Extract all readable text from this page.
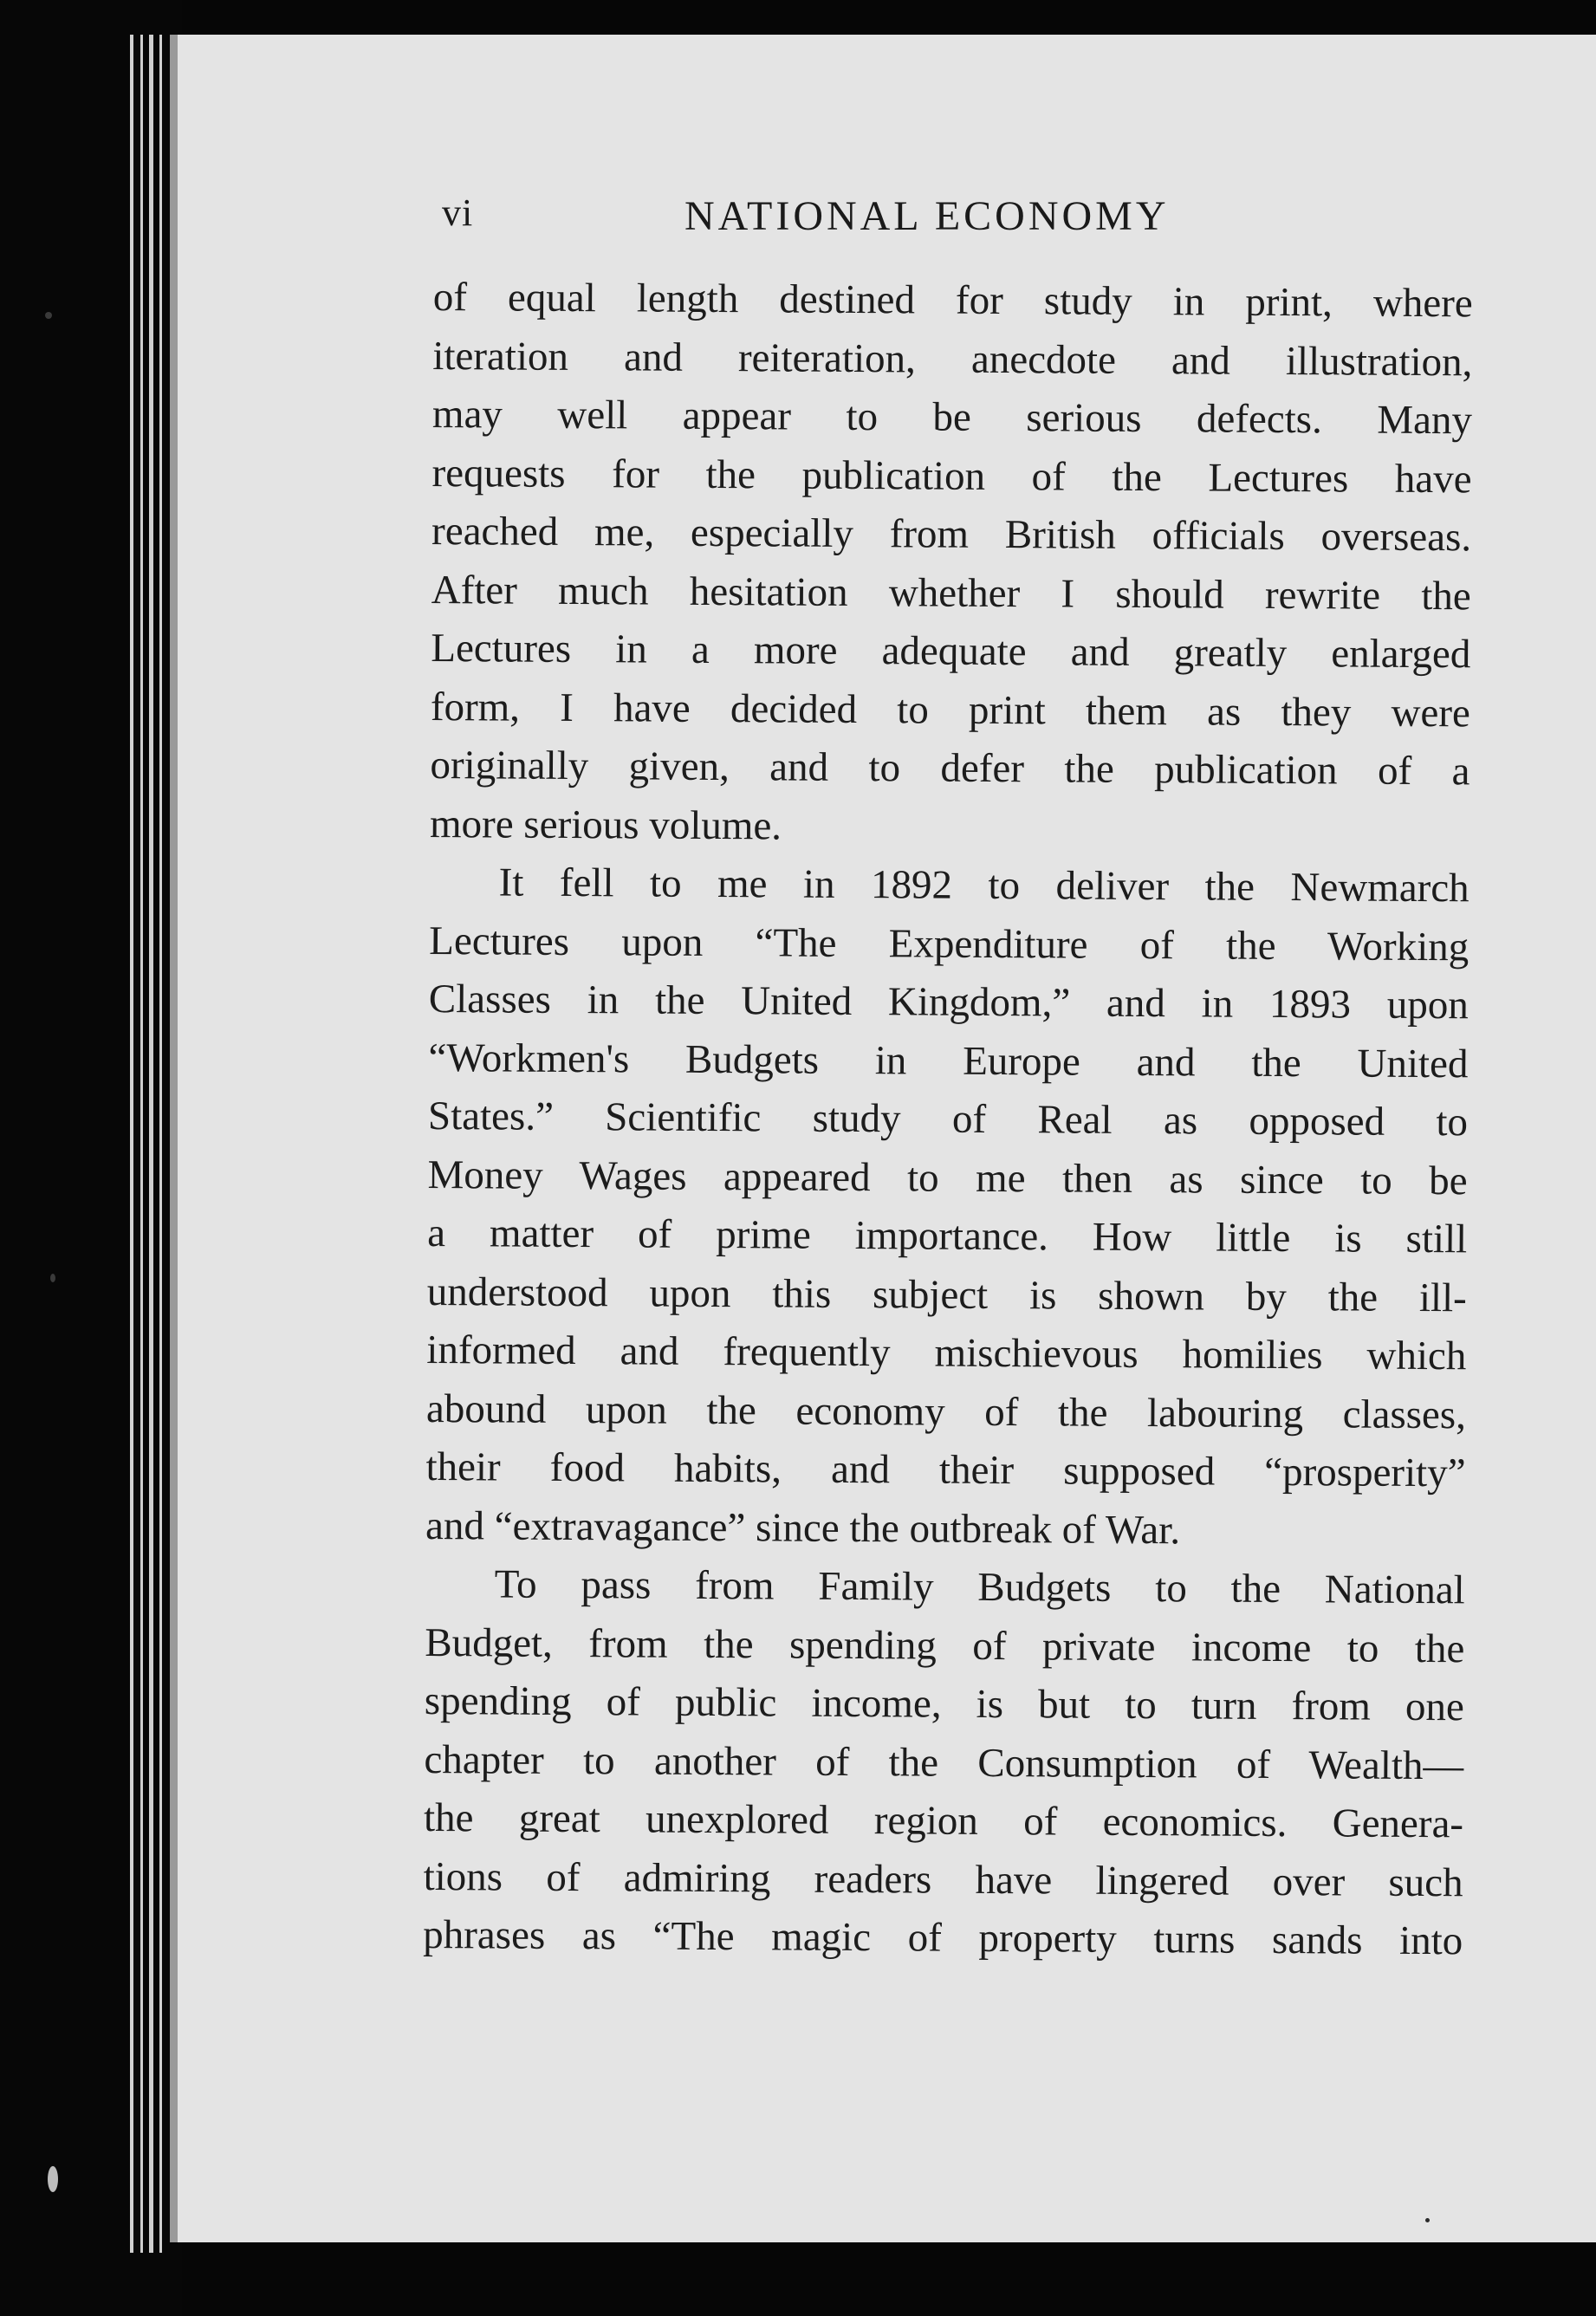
vi	NATIONAL ECONOMY
of equal length destined for study in print, where
iteration and reiteration, anecdote and illustration,
may well appear to be serious defects. Many
requests for the publication of the Lectures have
reached me, especially from British officials overseas.
After much hesitation whether I should rewrite the
Lectures in a more adequate and greatly enlarged
form, I have decided to print them as they were
originally given, and to defer the publication of a
more serious volume.
It fell to me in 1892 to deliver the Newmarch
Lectures upon “The Expenditure of the Working
Classes in the United Kingdom,” and in 1893 upon
“Workmen's Budgets in Europe and the United
States.” Scientific study of Real as opposed to
Money Wages appeared to me then as since to be
a matter of prime importance. How little is still
understood upon this subject is shown by the ill-
informed and frequently mischievous homilies which
abound upon the economy of the labouring classes,
their food habits, and their supposed “prosperity”
and “extravagance” since the outbreak of War.
To pass from Family Budgets to the National
Budget, from the spending of private income to the
spending of public income, is but to turn from one
chapter to another of the Consumption of Wealth—
the great unexplored region of economics. Genera-
tions of admiring readers have lingered over such
phrases as “The magic of property turns sands into
